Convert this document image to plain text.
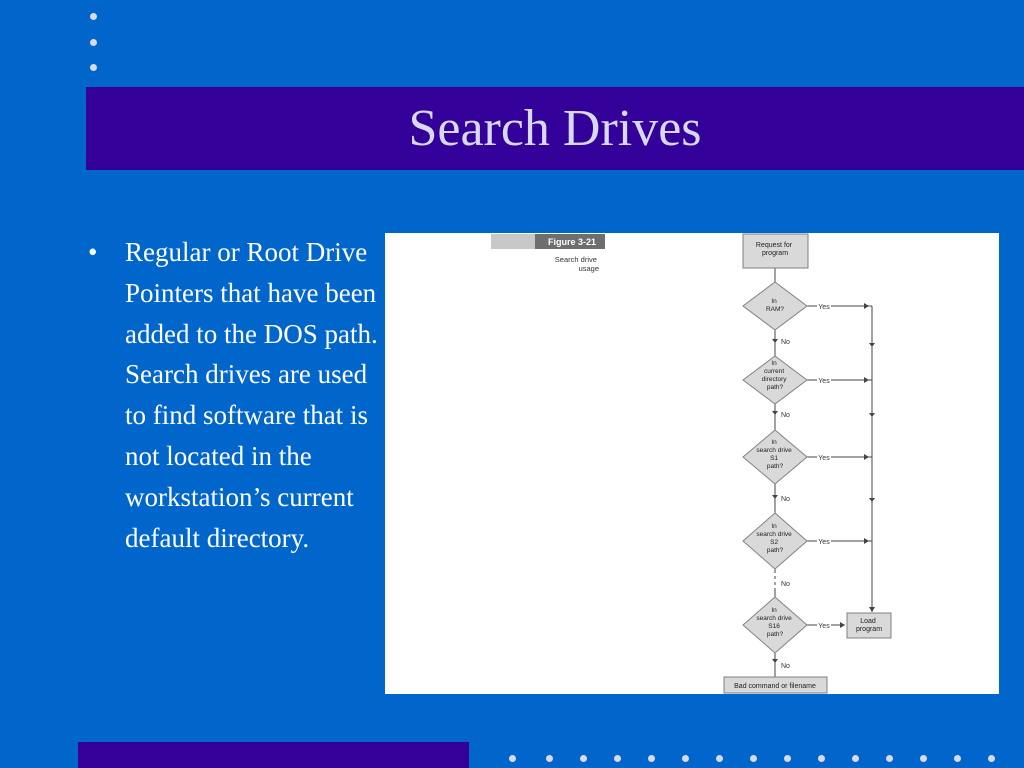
Search Drives
• Regular or Root Drive Pointers that have been added to the DOS path. Search drives are used to find software that is not located in the workstation’s current default directory.
Figure 3-21
Search drive usage
Yes
Yes
Yes
Yes
Yes
No
No
No
No
No
Request for program
In RAM?
In current directory path?
In search drive S1 path?
In search drive S2 path?
In search drive S16 path?
Load program
Bad command or filename
